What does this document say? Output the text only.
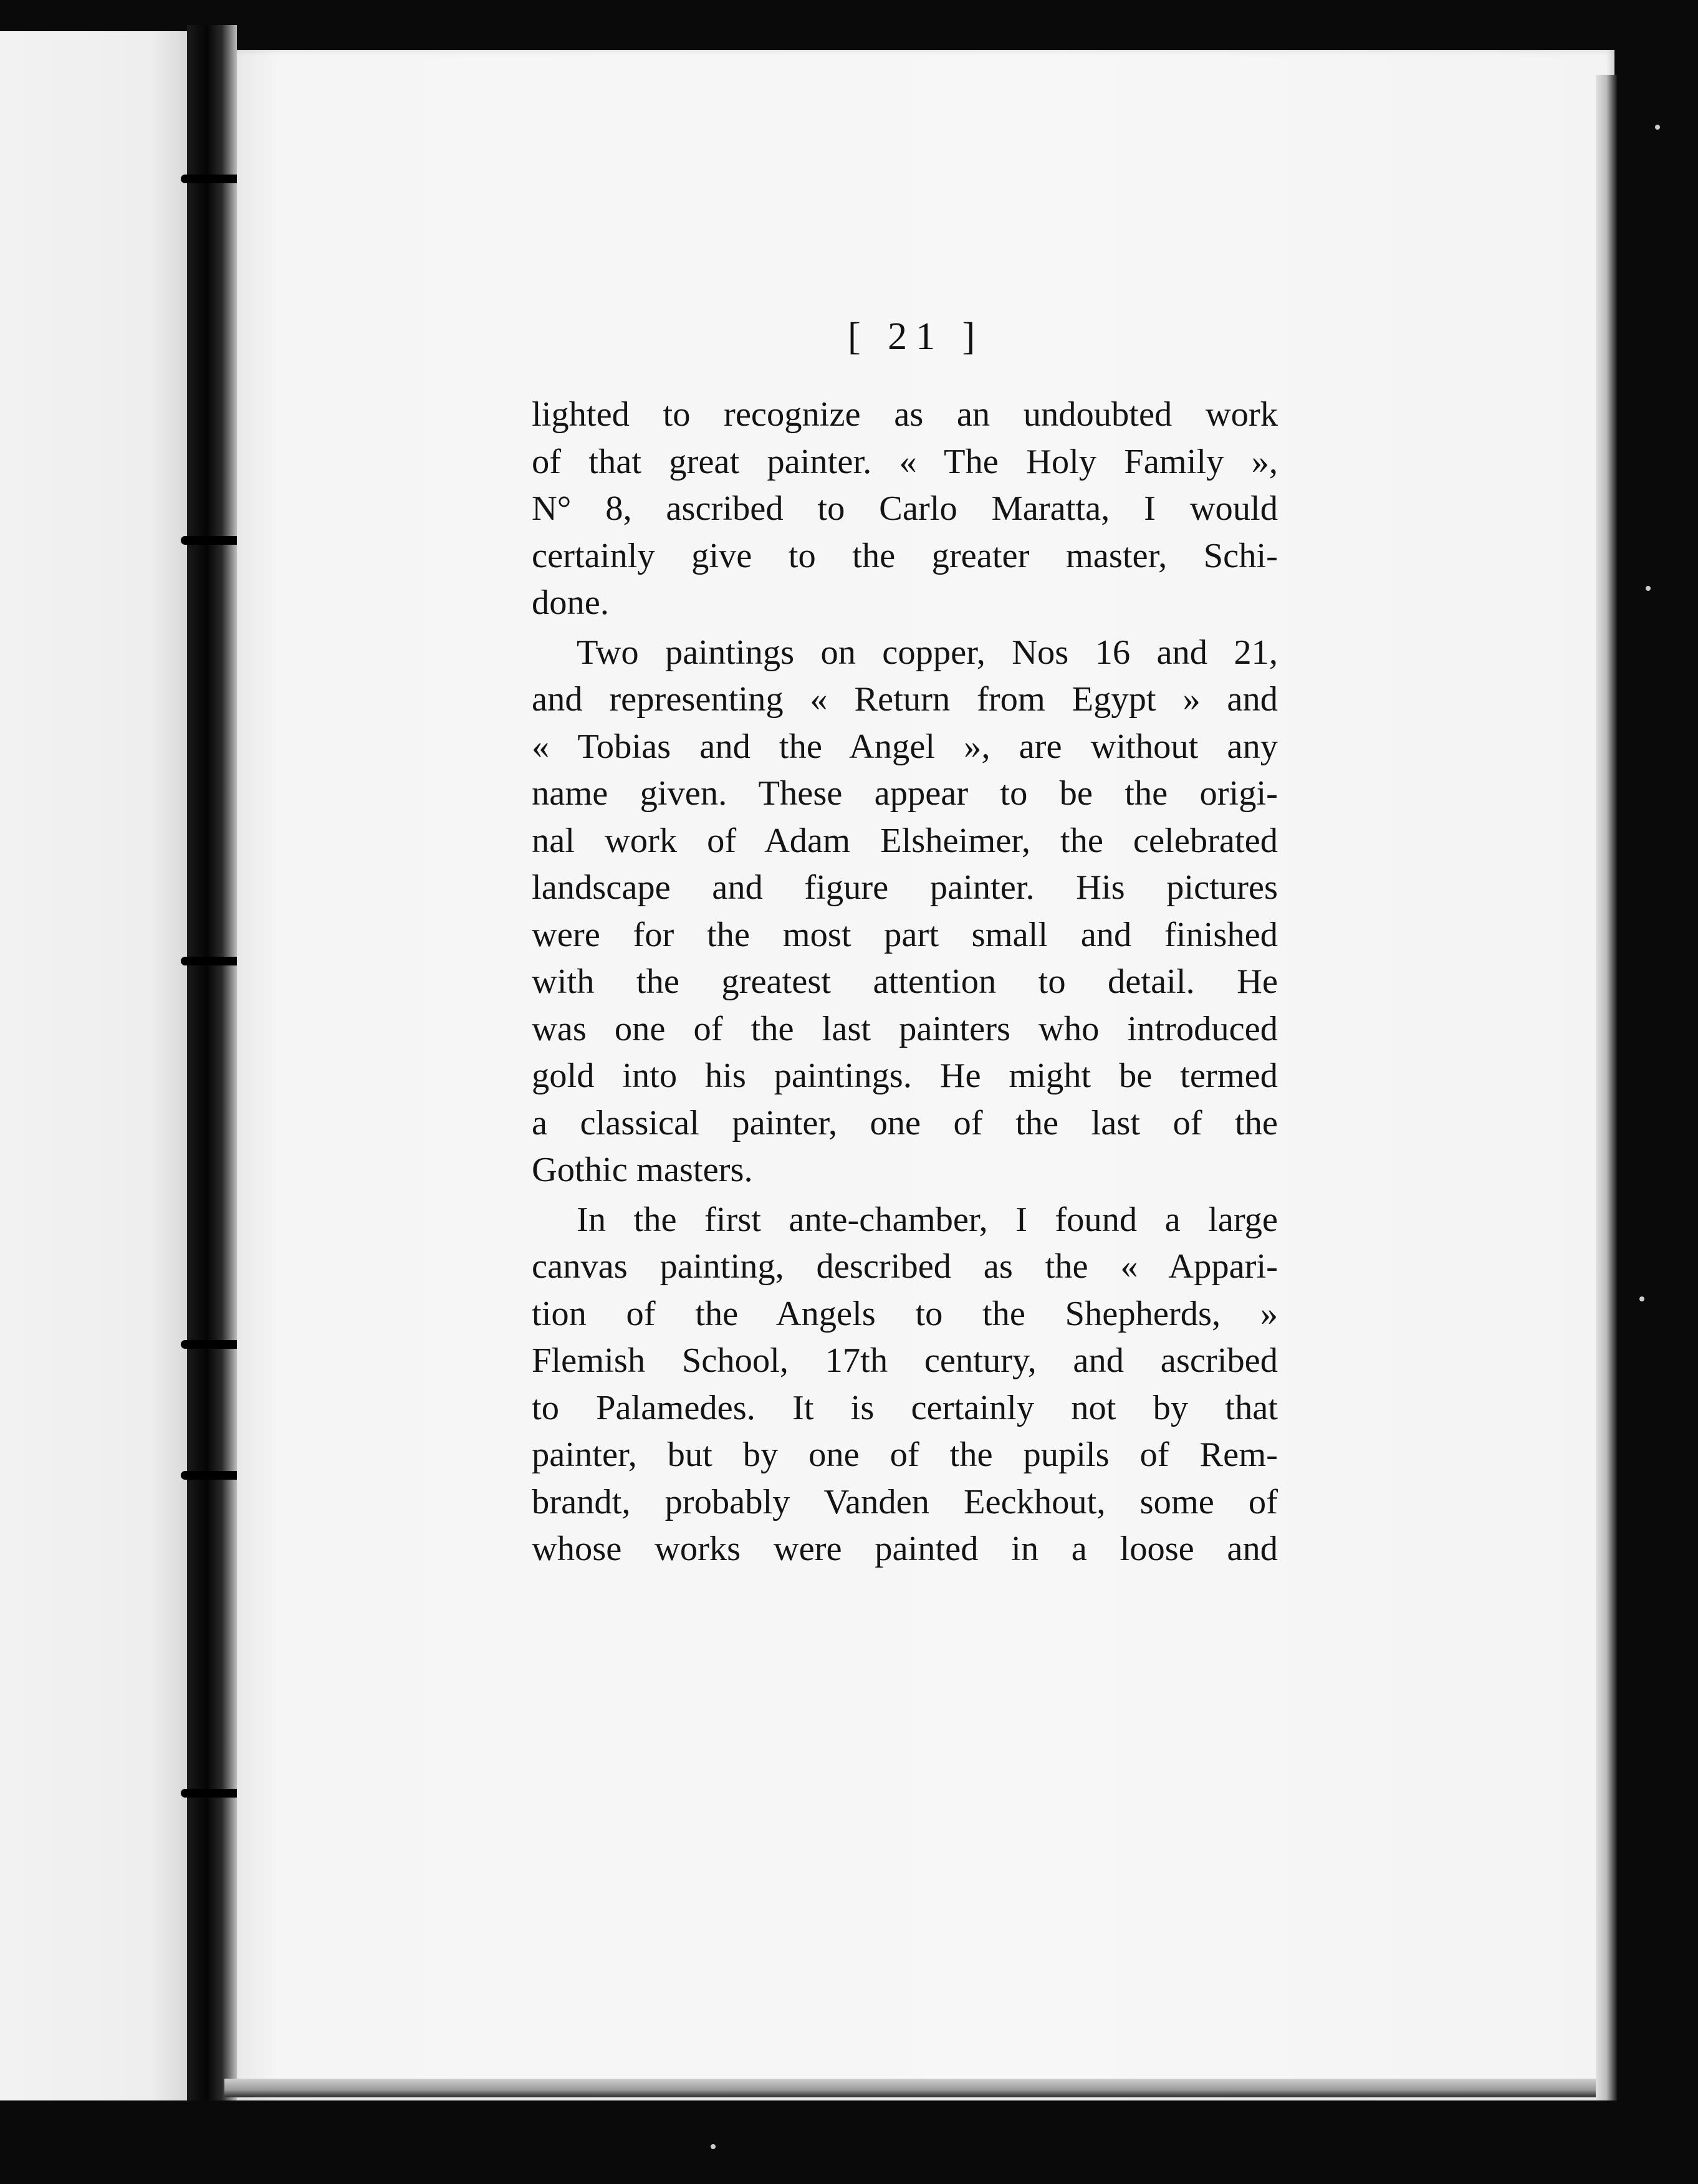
[ 21 ]
lighted to recognize as an undoubted work
of that great painter. « The Holy Family »,
N° 8, ascribed to Carlo Maratta, I would
certainly give to the greater master, Schi-
done.
Two paintings on copper, Nos 16 and 21,
and representing « Return from Egypt » and
« Tobias and the Angel », are without any
name given. These appear to be the origi-
nal work of Adam Elsheimer, the celebrated
landscape and figure painter. His pictures
were for the most part small and finished
with the greatest attention to detail. He
was one of the last painters who introduced
gold into his paintings. He might be termed
a classical painter, one of the last of the
Gothic masters.
In the first ante-chamber, I found a large
canvas painting, described as the « Appari-
tion of the Angels to the Shepherds, »
Flemish School, 17th century, and ascribed
to Palamedes. It is certainly not by that
painter, but by one of the pupils of Rem-
brandt, probably Vanden Eeckhout, some of
whose works were painted in a loose and
